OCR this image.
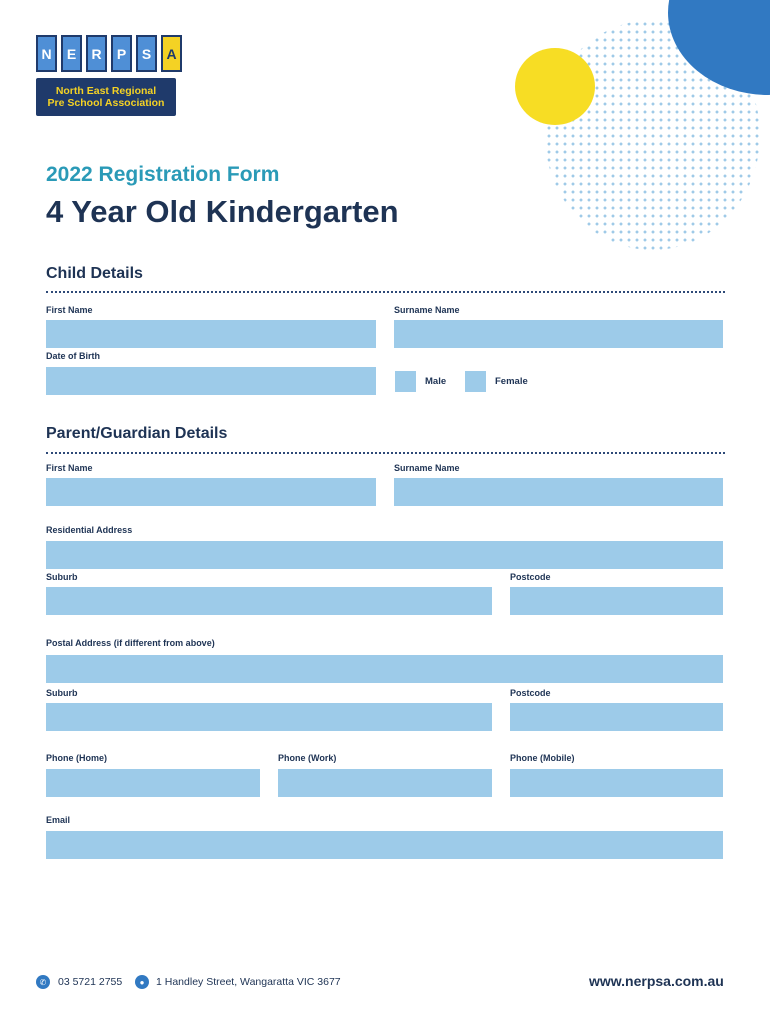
N	E	R	P	S	A
North East Regional
Pre School Association
2022 Registration Form
4 Year Old Kindergarten
Child Details
First Name	Surname Name
Date of Birth
Male	Female
Parent/Guardian Details
First Name	Surname Name
Residential Address
Suburb	Postcode
Postal Address (if different from above)
Suburb	Postcode
Phone (Home)	Phone (Work)	Phone (Mobile)
Email
✆	03 5721 2755	●	1 Handley Street, Wangaratta VIC 3677	www.nerpsa.com.au
